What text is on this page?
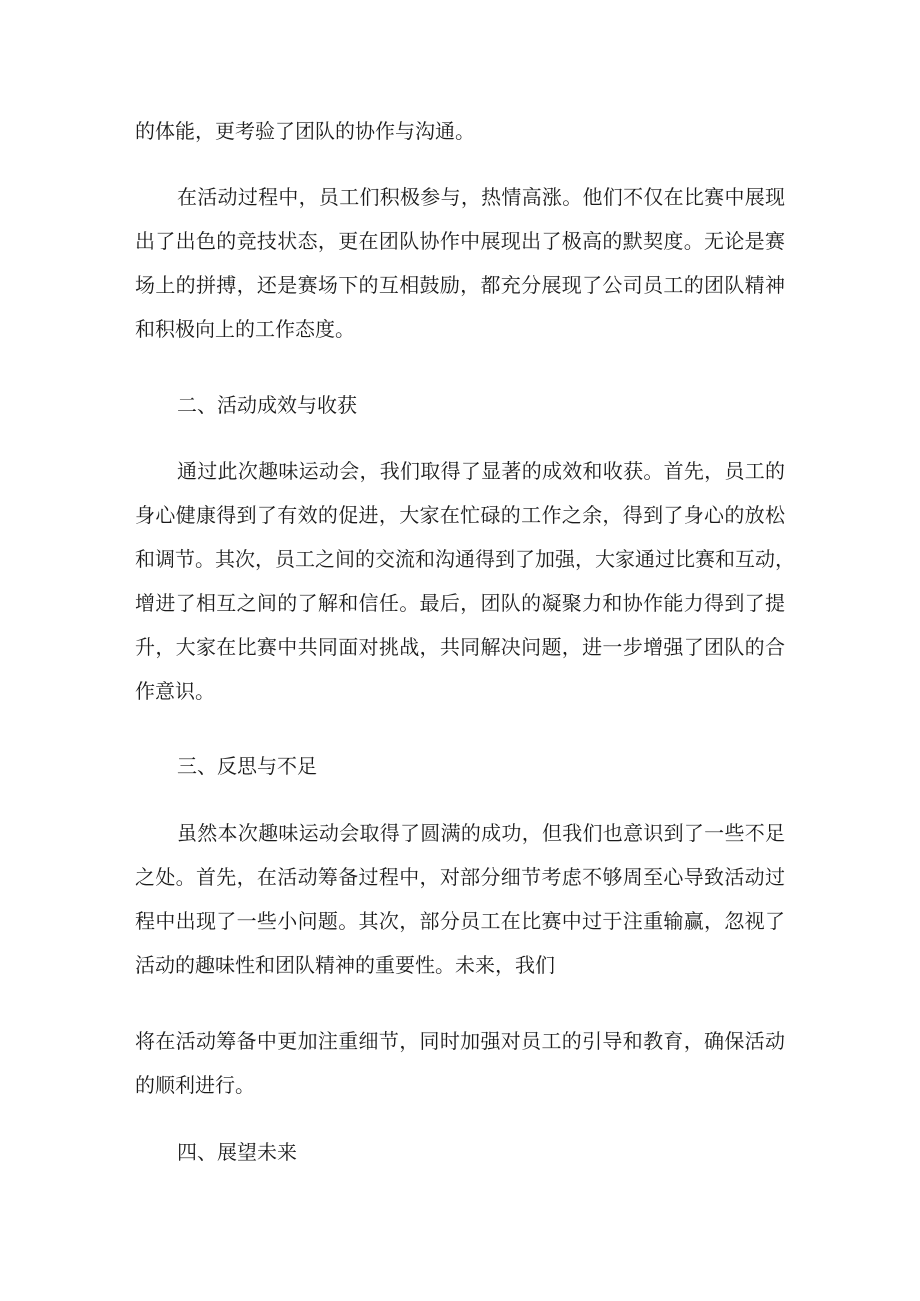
的体能，更考验了团队的协作与沟通。

在活动过程中，员工们积极参与，热情高涨。他们不仅在比赛中展现

出了出色的竞技状态，更在团队协作中展现出了极高的默契度。无论是赛

场上的拼搏，还是赛场下的互相鼓励，都充分展现了公司员工的团队精神

和积极向上的工作态度。

二、活动成效与收获

通过此次趣味运动会，我们取得了显著的成效和收获。首先，员工的

身心健康得到了有效的促进，大家在忙碌的工作之余，得到了身心的放松

和调节。其次，员工之间的交流和沟通得到了加强，大家通过比赛和互动，

增进了相互之间的了解和信任。最后，团队的凝聚力和协作能力得到了提

升，大家在比赛中共同面对挑战，共同解决问题，进一步增强了团队的合

作意识。

三、反思与不足

虽然本次趣味运动会取得了圆满的成功，但我们也意识到了一些不足

之处。首先，在活动筹备过程中，对部分细节考虑不够周至心导致活动过

程中出现了一些小问题。其次，部分员工在比赛中过于注重输赢，忽视了

活动的趣味性和团队精神的重要性。未来，我们

将在活动筹备中更加注重细节，同时加强对员工的引导和教育，确保活动

的顺利进行。

四、展望未来
